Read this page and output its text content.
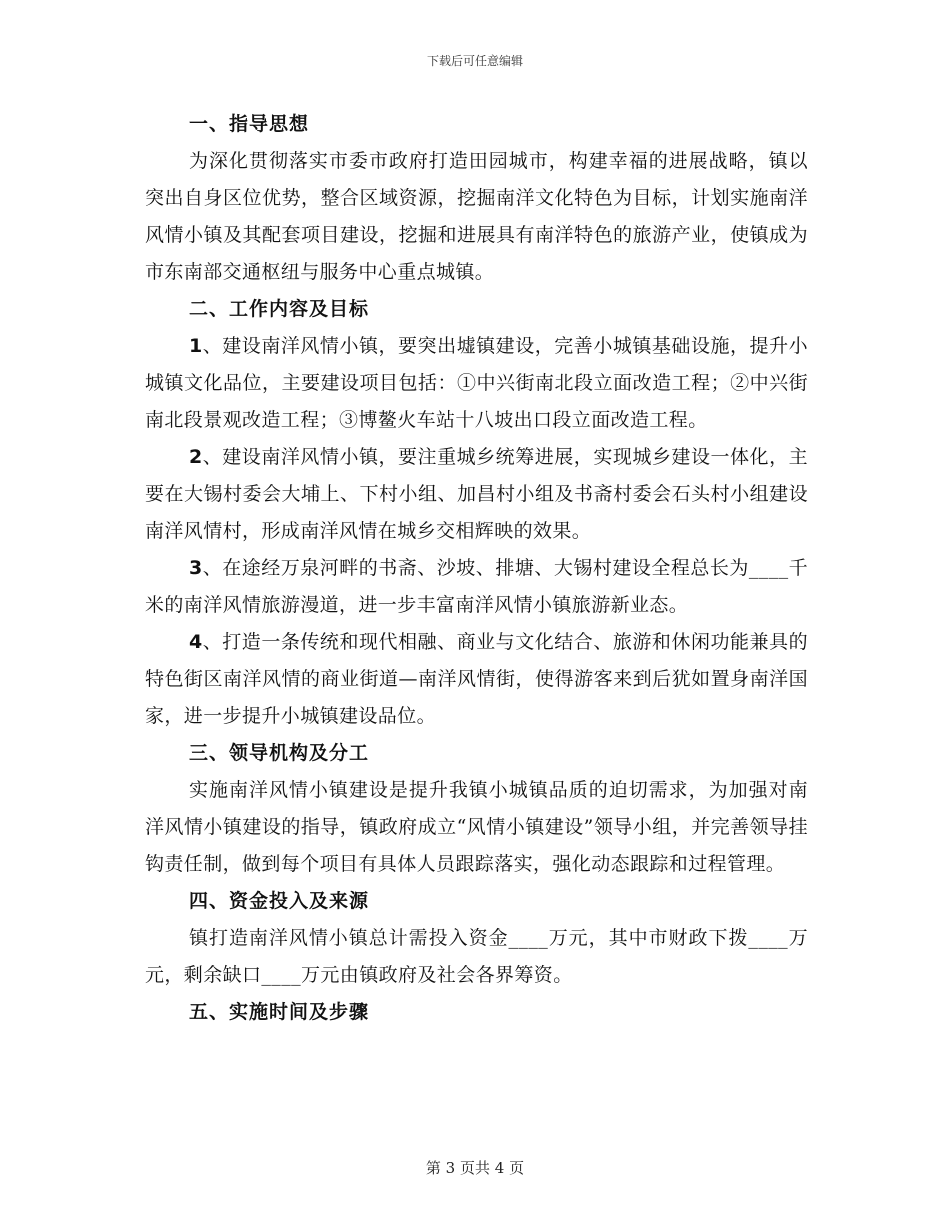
下载后可任意编辑
一、指导思想
为深化贯彻落实市委市政府打造田园城市，构建幸福的进展战略，镇以突出自身区位优势，整合区域资源，挖掘南洋文化特色为目标，计划实施南洋风情小镇及其配套项目建设，挖掘和进展具有南洋特色的旅游产业，使镇成为市东南部交通枢纽与服务中心重点城镇。
二、工作内容及目标
1、建设南洋风情小镇，要突出墟镇建设，完善小城镇基础设施，提升小城镇文化品位，主要建设项目包括：①中兴街南北段立面改造工程；②中兴街南北段景观改造工程；③博鳌火车站十八坡出口段立面改造工程。
2、建设南洋风情小镇，要注重城乡统筹进展，实现城乡建设一体化，主要在大锡村委会大埔上、下村小组、加昌村小组及书斋村委会石头村小组建设南洋风情村，形成南洋风情在城乡交相辉映的效果。
3、在途经万泉河畔的书斋、沙坡、排塘、大锡村建设全程总长为____千米的南洋风情旅游漫道，进一步丰富南洋风情小镇旅游新业态。
4、打造一条传统和现代相融、商业与文化结合、旅游和休闲功能兼具的特色街区南洋风情的商业街道—南洋风情街，使得游客来到后犹如置身南洋国家，进一步提升小城镇建设品位。
三、领导机构及分工
实施南洋风情小镇建设是提升我镇小城镇品质的迫切需求，为加强对南洋风情小镇建设的指导，镇政府成立“风情小镇建设”领导小组，并完善领导挂钩责任制，做到每个项目有具体人员跟踪落实，强化动态跟踪和过程管理。
四、资金投入及来源
镇打造南洋风情小镇总计需投入资金____万元，其中市财政下拨____万元，剩余缺口____万元由镇政府及社会各界筹资。
五、实施时间及步骤
第 3 页共 4 页
